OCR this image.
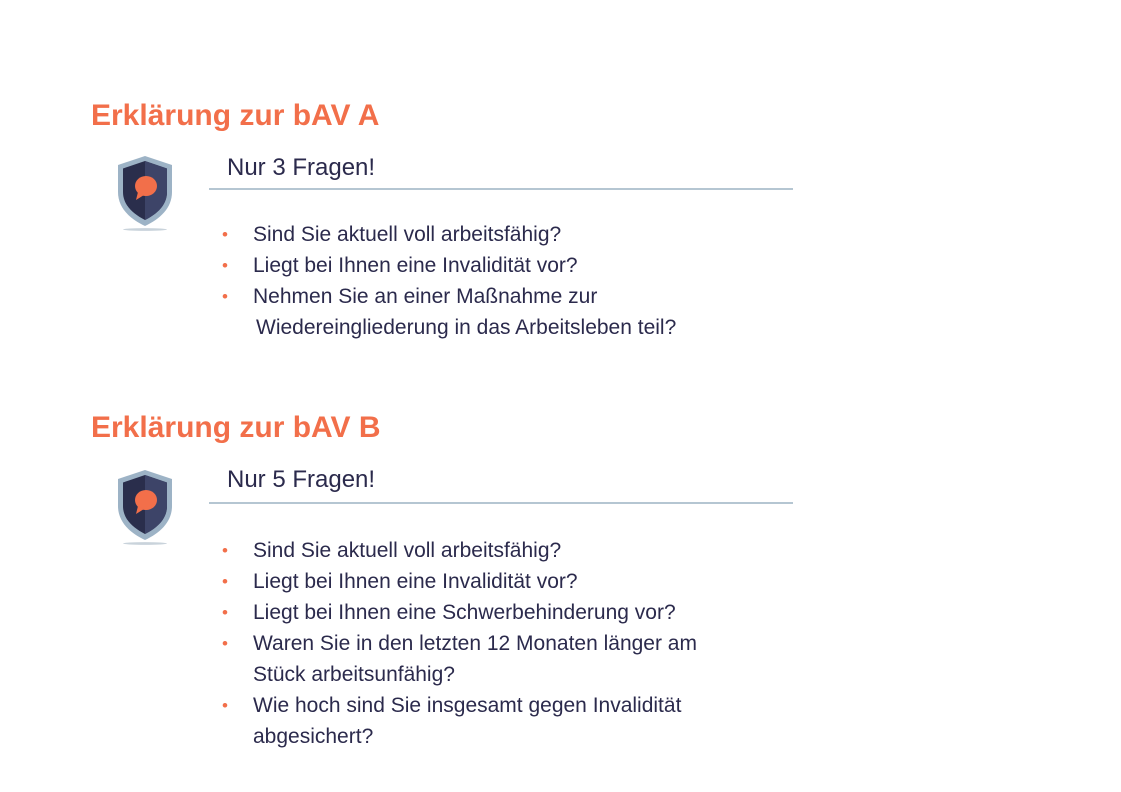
Erklärung zur bAV A

Nur 3 Fragen!

• Sind Sie aktuell voll arbeitsfähig?
• Liegt bei Ihnen eine Invalidität vor?
• Nehmen Sie an einer Maßnahme zur
Wiedereingliederung in das Arbeitsleben teil?
Erklärung zur bAV B

Nur 5 Fragen!

• Sind Sie aktuell voll arbeitsfähig?
• Liegt bei Ihnen eine Invalidität vor?
• Liegt bei Ihnen eine Schwerbehinderung vor?
• Waren Sie in den letzten 12 Monaten länger am
Stück arbeitsunfähig?
• Wie hoch sind Sie insgesamt gegen Invalidität
abgesichert?
